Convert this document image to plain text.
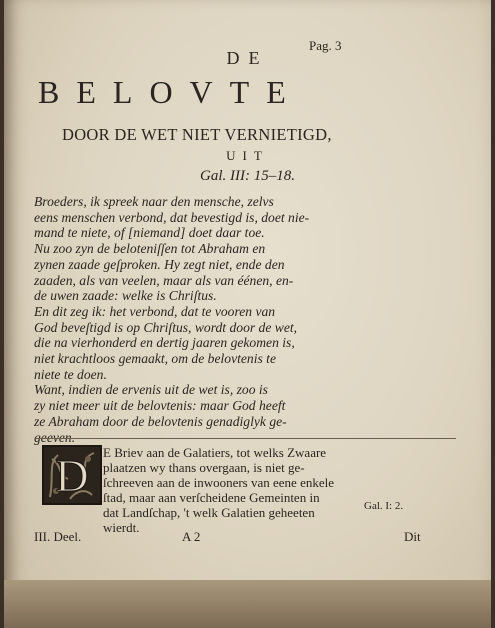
Pag. 3
DE
BELOVTE
DOOR DE WET NIET VERNIETIGD,
UIT
Gal. III: 15–18.
Broeders, ik spreek naar den mensche, zelvs
eens menschen verbond, dat bevestigd is, doet nie-
mand te niete, of [niemand] doet daar toe.
Nu zoo zyn de beloteniſſen tot Abraham en
zynen zaade geſproken. Hy zegt niet, ende den
zaaden, als van veelen, maar als van éénen, en-
de uwen zaade: welke is Chriſtus.
En dit zeg ik: het verbond, dat te vooren van
God beveſtigd is op Chriſtus, wordt door de wet,
die na vierhonderd en dertig jaaren gekomen is,
niet krachtloos gemaakt, om de belovtenis te
niete te doen.
Want, indien de ervenis uit de wet is, zoo is
zy niet meer uit de belovtenis: maar God heeft
ze Abraham door de belovtenis genadiglyk ge-
geeven.
D E Briev aan de Galatiers, tot welks Zwaare
plaatzen wy thans overgaan, is niet ge-
ſchreeven aan de inwooners van eene enkele
ſtad, maar aan verſcheidene Gemeinten in
dat Landſchap, 't welk Galatien geheeten
wierdt.
Gal. I: 2.
III. Deel.	A 2	Dit
